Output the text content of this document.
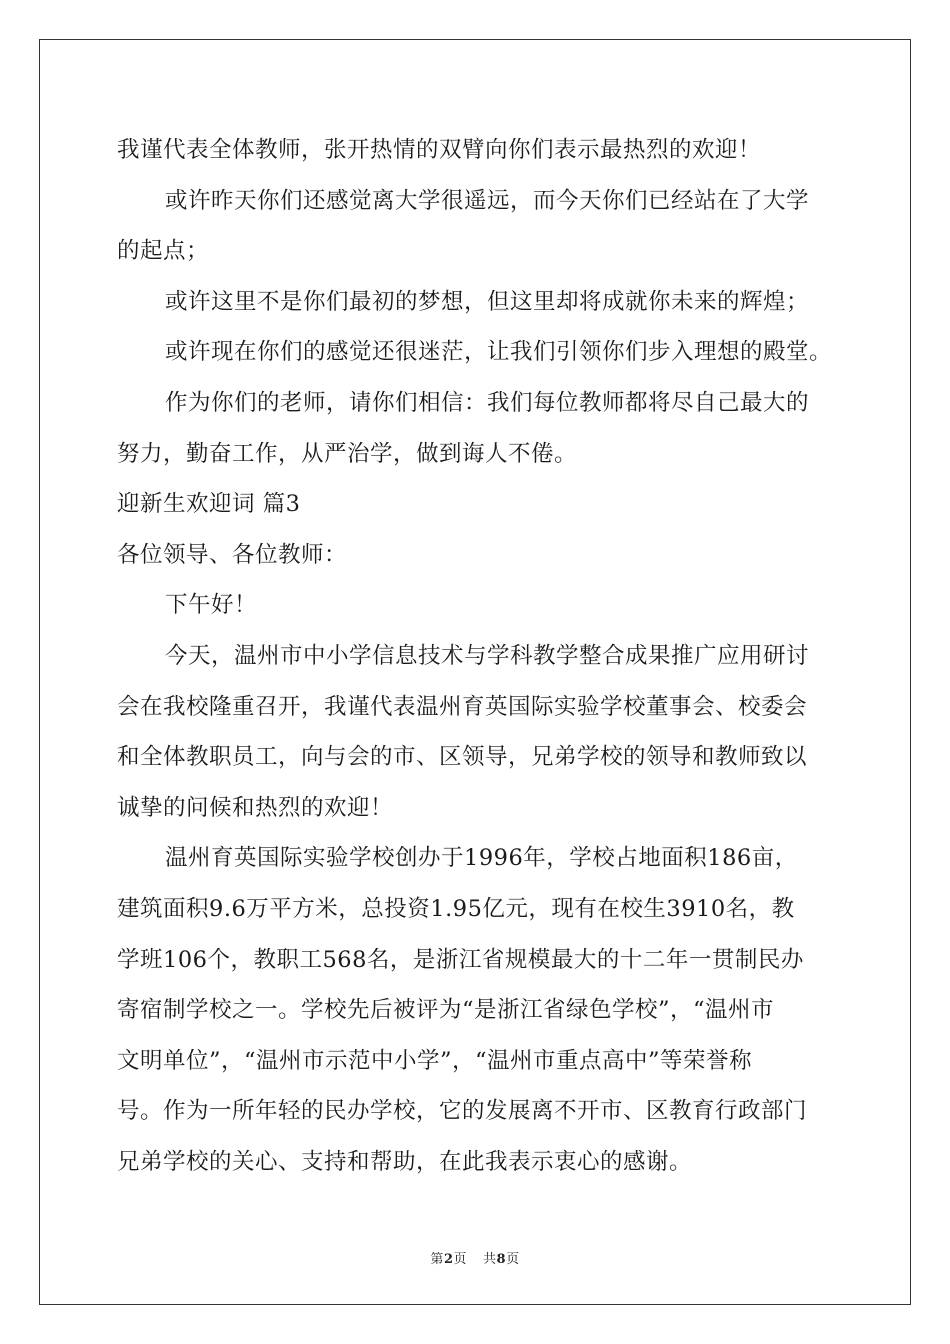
我谨代表全体教师，张开热情的双臂向你们表示最热烈的欢迎！
或许昨天你们还感觉离大学很遥远，而今天你们已经站在了大学
的起点；
或许这里不是你们最初的梦想，但这里却将成就你未来的辉煌；
或许现在你们的感觉还很迷茫，让我们引领你们步入理想的殿堂。
作为你们的老师，请你们相信：我们每位教师都将尽自己最大的
努力，勤奋工作，从严治学，做到诲人不倦。
迎新生欢迎词 篇3
各位领导、各位教师：
下午好！
今天，温州市中小学信息技术与学科教学整合成果推广应用研讨
会在我校隆重召开，我谨代表温州育英国际实验学校董事会、校委会
和全体教职员工，向与会的市、区领导，兄弟学校的领导和教师致以
诚挚的问候和热烈的欢迎！
温州育英国际实验学校创办于1996年，学校占地面积186亩，
建筑面积9.6万平方米，总投资1.95亿元，现有在校生3910名，教
学班106个，教职工568名，是浙江省规模最大的十二年一贯制民办
寄宿制学校之一。学校先后被评为“是浙江省绿色学校”，“温州市
文明单位”，“温州市示范中小学”，“温州市重点高中”等荣誉称
号。作为一所年轻的民办学校，它的发展离不开市、区教育行政部门
兄弟学校的关心、支持和帮助，在此我表示衷心的感谢。
第2页 共8页
